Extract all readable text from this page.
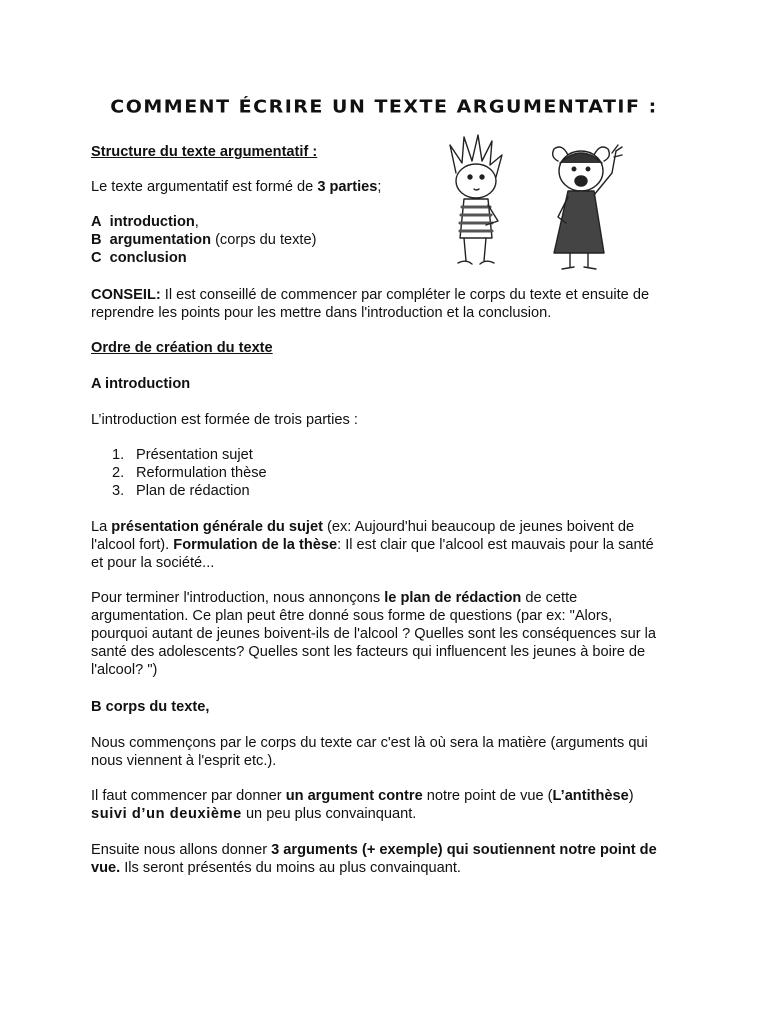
COMMENT ÉCRIRE UN TEXTE ARGUMENTATIF :
Structure du texte argumentatif :
Le texte argumentatif est formé de 3 parties;
A introduction,
B argumentation (corps du texte)
C conclusion
CONSEIL: Il est conseillé de commencer par compléter le corps du texte et ensuite de
reprendre les points pour les mettre dans l'introduction et la conclusion.
Ordre de création du texte
A introduction
L’introduction est formée de trois parties :
1. Présentation sujet
2. Reformulation thèse
3. Plan de rédaction
La présentation générale du sujet (ex: Aujourd'hui beaucoup de jeunes boivent de
l'alcool fort). Formulation de la thèse: Il est clair que l'alcool est mauvais pour la santé
et pour la société...
Pour terminer l'introduction, nous annonçons le plan de rédaction de cette
argumentation. Ce plan peut être donné sous forme de questions (par ex: "Alors,
pourquoi autant de jeunes boivent-ils de l'alcool ? Quelles sont les conséquences sur la
santé des adolescents? Quelles sont les facteurs qui influencent les jeunes à boire de
l'alcool? ")
B corps du texte,
Nous commençons par le corps du texte car c'est là où sera la matière (arguments qui
nous viennent à l'esprit etc.).
Il faut commencer par donner un argument contre notre point de vue (L’antithèse)
suivi d’un deuxième un peu plus convainquant.
Ensuite nous allons donner 3 arguments (+ exemple) qui soutiennent notre point de
vue. Ils seront présentés du moins au plus convainquant.
